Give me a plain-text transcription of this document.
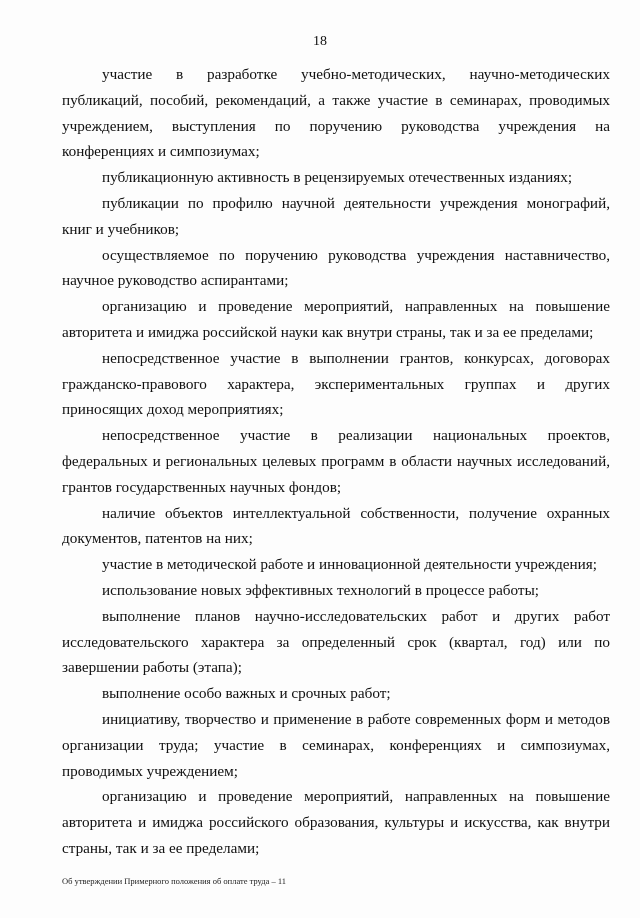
18

участие в разработке учебно-методических, научно-методических публикаций, пособий, рекомендаций, а также участие в семинарах, проводимых учреждением, выступления по поручению руководства учреждения на конференциях и симпозиумах;

публикационную активность в рецензируемых отечественных изданиях;

публикации по профилю научной деятельности учреждения монографий, книг и учебников;

осуществляемое по поручению руководства учреждения наставничество, научное руководство аспирантами;

организацию и проведение мероприятий, направленных на повышение авторитета и имиджа российской науки как внутри страны, так и за ее пределами;

непосредственное участие в выполнении грантов, конкурсах, договорах гражданско-правового характера, экспериментальных группах и других приносящих доход мероприятиях;

непосредственное участие в реализации национальных проектов, федеральных и региональных целевых программ в области научных исследований, грантов государственных научных фондов;

наличие объектов интеллектуальной собственности, получение охранных документов, патентов на них;

участие в методической работе и инновационной деятельности учреждения;

использование новых эффективных технологий в процессе работы;

выполнение планов научно-исследовательских работ и других работ исследовательского характера за определенный срок (квартал, год) или по завершении работы (этапа);

выполнение особо важных и срочных работ;

инициативу, творчество и применение в работе современных форм и методов организации труда; участие в семинарах, конференциях и симпозиумах, проводимых учреждением;

организацию и проведение мероприятий, направленных на повышение авторитета и имиджа российского образования, культуры и искусства, как внутри страны, так и за ее пределами;

Об утверждении Примерного положения об оплате труда – 11
